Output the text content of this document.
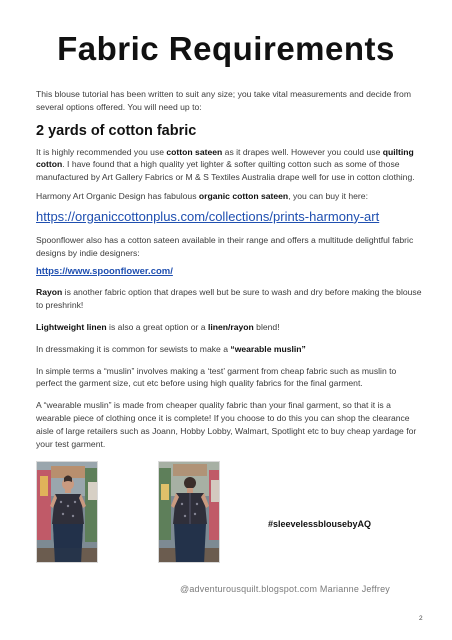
Fabric Requirements

This blouse tutorial has been written to suit any size; you take vital measurements and decide from several options offered. You will need up to:

2 yards of cotton fabric

It is highly recommended you use cotton sateen as it drapes well. However you could use quilting cotton. I have found that a high quality yet lighter & softer quilting cotton such as some of those manufactured by Art Gallery Fabrics or M & S Textiles Australia drape well for use in cotton clothing.

Harmony Art Organic Design has fabulous organic cotton sateen, you can buy it here:

https://organiccottonplus.com/collections/prints-harmony-art

Spoonflower also has a cotton sateen available in their range and offers a multitude delightful fabric designs by indie designers:

https://www.spoonflower.com/

Rayon is another fabric option that drapes well but be sure to wash and dry before making the blouse to preshrink!

Lightweight linen is also a great option or a linen/rayon blend!

In dressmaking it is common for sewists to make a “wearable muslin”

In simple terms a “muslin” involves making a ‘test’ garment from cheap fabric such as muslin to perfect the garment size, cut etc before using high quality fabrics for the final garment.

A “wearable muslin” is made from cheaper quality fabric than your final garment, so that it is a wearable piece of clothing once it is complete! If you choose to do this you can shop the clearance aisle of large retailers such as Joann, Hobby Lobby, Walmart, Spotlight etc to buy cheap yardage for your test garment.

#sleevelessblousebyAQ
@adventurousquilt.blogspot.com Marianne Jeffrey
2
